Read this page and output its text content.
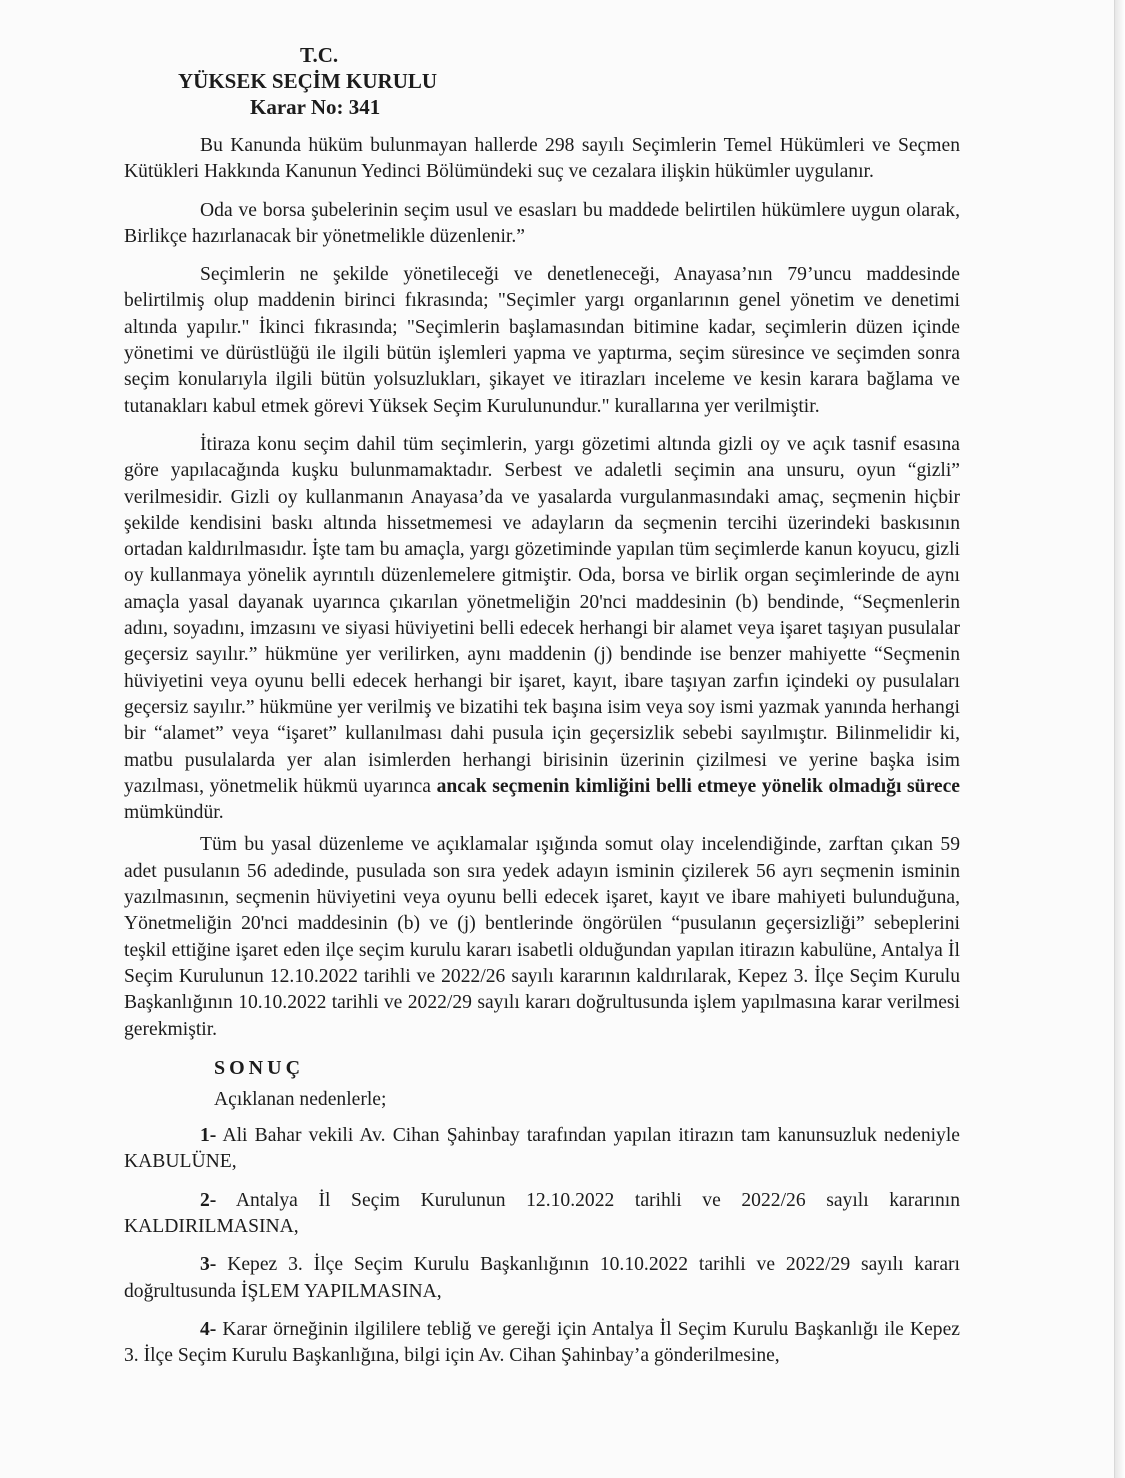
T.C.
YÜKSEK SEÇİM KURULU
Karar No: 341

Bu Kanunda hüküm bulunmayan hallerde 298 sayılı Seçimlerin Temel Hükümleri ve Seçmen Kütükleri Hakkında Kanunun Yedinci Bölümündeki suç ve cezalara ilişkin hükümler uygulanır.

Oda ve borsa şubelerinin seçim usul ve esasları bu maddede belirtilen hükümlere uygun olarak, Birlikçe hazırlanacak bir yönetmelikle düzenlenir.”

Seçimlerin ne şekilde yönetileceği ve denetleneceği, Anayasa’nın 79’uncu maddesinde belirtilmiş olup maddenin birinci fıkrasında; "Seçimler yargı organlarının genel yönetim ve denetimi altında yapılır." İkinci fıkrasında; "Seçimlerin başlamasından bitimine kadar, seçimlerin düzen içinde yönetimi ve dürüstlüğü ile ilgili bütün işlemleri yapma ve yaptırma, seçim süresince ve seçimden sonra seçim konularıyla ilgili bütün yolsuzlukları, şikayet ve itirazları inceleme ve kesin karara bağlama ve tutanakları kabul etmek görevi Yüksek Seçim Kurulunundur." kurallarına yer verilmiştir.

İtiraza konu seçim dahil tüm seçimlerin, yargı gözetimi altında gizli oy ve açık tasnif esasına göre yapılacağında kuşku bulunmamaktadır. Serbest ve adaletli seçimin ana unsuru, oyun “gizli” verilmesidir. Gizli oy kullanmanın Anayasa’da ve yasalarda vurgulanmasındaki amaç, seçmenin hiçbir şekilde kendisini baskı altında hissetmemesi ve adayların da seçmenin tercihi üzerindeki baskısının ortadan kaldırılmasıdır. İşte tam bu amaçla, yargı gözetiminde yapılan tüm seçimlerde kanun koyucu, gizli oy kullanmaya yönelik ayrıntılı düzenlemelere gitmiştir. Oda, borsa ve birlik organ seçimlerinde de aynı amaçla yasal dayanak uyarınca çıkarılan yönetmeliğin 20'nci maddesinin (b) bendinde, “Seçmenlerin adını, soyadını, imzasını ve siyasi hüviyetini belli edecek herhangi bir alamet veya işaret taşıyan pusulalar geçersiz sayılır.” hükmüne yer verilirken, aynı maddenin (j) bendinde ise benzer mahiyette “Seçmenin hüviyetini veya oyunu belli edecek herhangi bir işaret, kayıt, ibare taşıyan zarfın içindeki oy pusulaları geçersiz sayılır.” hükmüne yer verilmiş ve bizatihi tek başına isim veya soy ismi yazmak yanında herhangi bir “alamet” veya “işaret” kullanılması dahi pusula için geçersizlik sebebi sayılmıştır. Bilinmelidir ki, matbu pusulalarda yer alan isimlerden herhangi birisinin üzerinin çizilmesi ve yerine başka isim yazılması, yönetmelik hükmü uyarınca ancak seçmenin kimliğini belli etmeye yönelik olmadığı sürece mümkündür.

Tüm bu yasal düzenleme ve açıklamalar ışığında somut olay incelendiğinde, zarftan çıkan 59 adet pusulanın 56 adedinde, pusulada son sıra yedek adayın isminin çizilerek 56 ayrı seçmenin isminin yazılmasının, seçmenin hüviyetini veya oyunu belli edecek işaret, kayıt ve ibare mahiyeti bulunduğuna, Yönetmeliğin 20'nci maddesinin (b) ve (j) bentlerinde öngörülen “pusulanın geçersizliği” sebeplerini teşkil ettiğine işaret eden ilçe seçim kurulu kararı isabetli olduğundan yapılan itirazın kabulüne, Antalya İl Seçim Kurulunun 12.10.2022 tarihli ve 2022/26 sayılı kararının kaldırılarak, Kepez 3. İlçe Seçim Kurulu Başkanlığının 10.10.2022 tarihli ve 2022/29 sayılı kararı doğrultusunda işlem yapılmasına karar verilmesi gerekmiştir.

SONUÇ
Açıklanan nedenlerle;

1- Ali Bahar vekili Av. Cihan Şahinbay tarafından yapılan itirazın tam kanunsuzluk nedeniyle KABULÜNE,

2- Antalya İl Seçim Kurulunun 12.10.2022 tarihli ve 2022/26 sayılı kararının KALDIRILMASINA,

3- Kepez 3. İlçe Seçim Kurulu Başkanlığının 10.10.2022 tarihli ve 2022/29 sayılı kararı doğrultusunda İŞLEM YAPILMASINA,

4- Karar örneğinin ilgililere tebliğ ve gereği için Antalya İl Seçim Kurulu Başkanlığı ile Kepez 3. İlçe Seçim Kurulu Başkanlığına, bilgi için Av. Cihan Şahinbay’a gönderilmesine,
